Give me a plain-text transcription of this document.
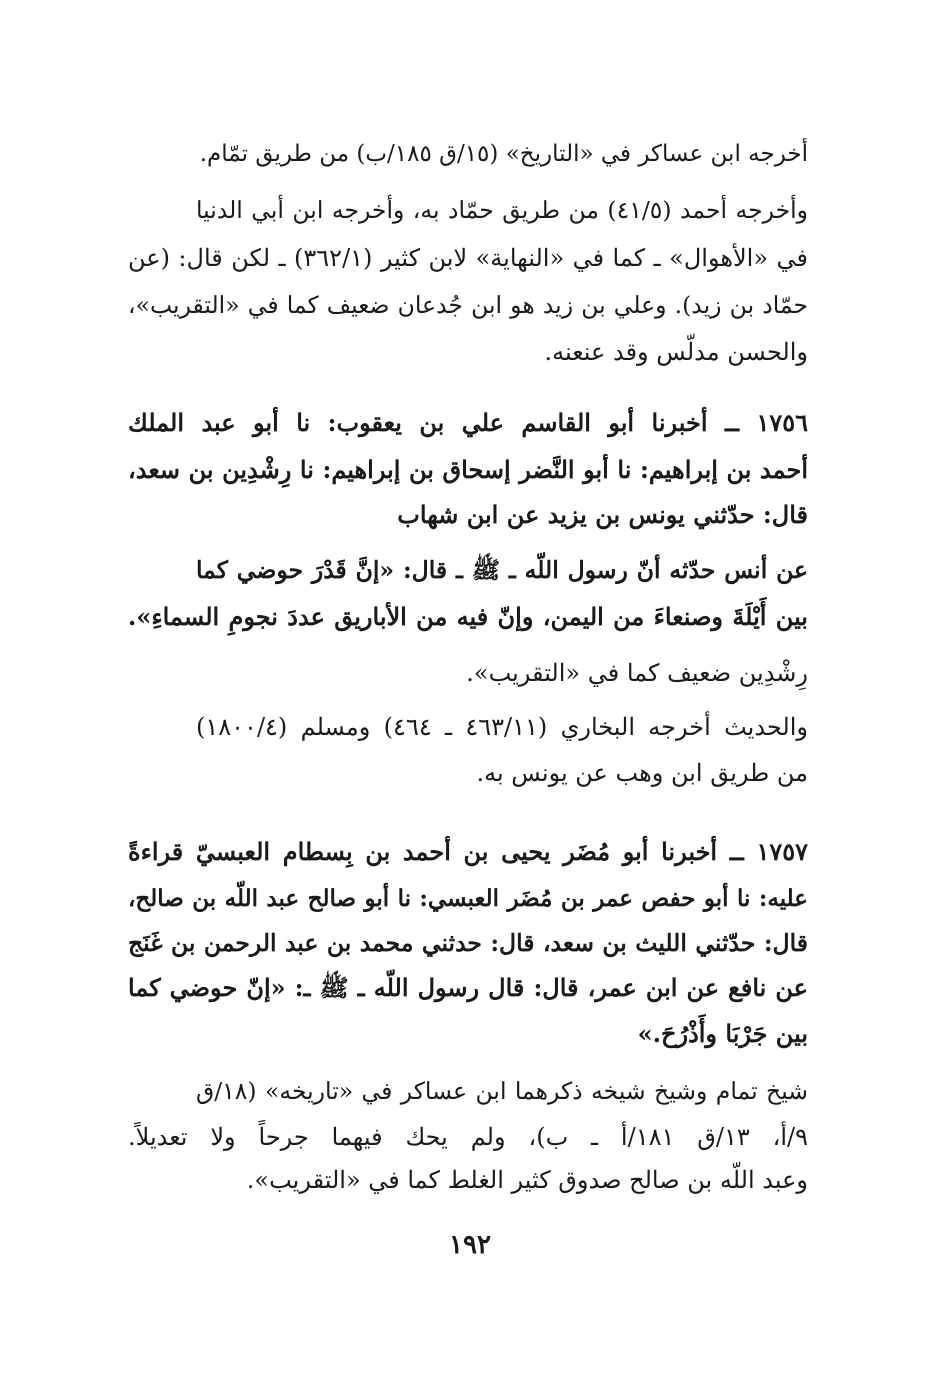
أخرجه ابن عساكر في «التاريخ» (١٥/ق ١٨٥/ب) من طريق تمّام.
وأخرجه أحمد (٤١/٥) من طريق حمّاد به، وأخرجه ابن أبي الدنيا
في «الأهوال» ـ كما في «النهاية» لابن كثير (٣٦٢/١) ـ لكن قال: (عن
حمّاد بن زيد). وعلي بن زيد هو ابن جُدعان ضعيف كما في «التقريب»،
والحسن مدلّس وقد عنعنه.
١٧٥٦ ــ أخبرنا أبو القاسم علي بن يعقوب: نا أبو عبد الملك
أحمد بن إبراهيم: نا أبو النَّضر إسحاق بن إبراهيم: نا رِشْدِين بن سعد،
قال: حدّثني يونس بن يزيد عن ابن شهاب
عن أنس حدّثه أنّ رسول اللّه ـ ﷺ ـ قال: «إنَّ قَدْرَ حوضي كما
بين أَيْلَةَ وصنعاءَ من اليمن، وإنّ فيه من الأباريق عددَ نجومِ السماءِ».
رِشْدِين ضعيف كما في «التقريب».
والحديث أخرجه البخاري (٤٦٣/١١ ـ ٤٦٤) ومسلم (١٨٠٠/٤)
من طريق ابن وهب عن يونس به.
١٧٥٧ ــ أخبرنا أبو مُضَر يحيى بن أحمد بن بِسطام العبسيّ قراءةً
عليه: نا أبو حفص عمر بن مُضَر العبسي: نا أبو صالح عبد اللّه بن صالح،
قال: حدّثني الليث بن سعد، قال: حدثني محمد بن عبد الرحمن بن غَنَج
عن نافع عن ابن عمر، قال: قال رسول اللّه ـ ﷺ ـ: «إنّ حوضي كما
بين جَرْبَا وأَذْرُحَ.»
شيخ تمام وشيخ شيخه ذكرهما ابن عساكر في «تاريخه» (١٨/ق
٩/أ، ١٣/ق ١٨١/أ ـ ب)، ولم يحك فيهما جرحاً ولا تعديلاً.
وعبد اللّه بن صالح صدوق كثير الغلط كما في «التقريب».
١٩٢
